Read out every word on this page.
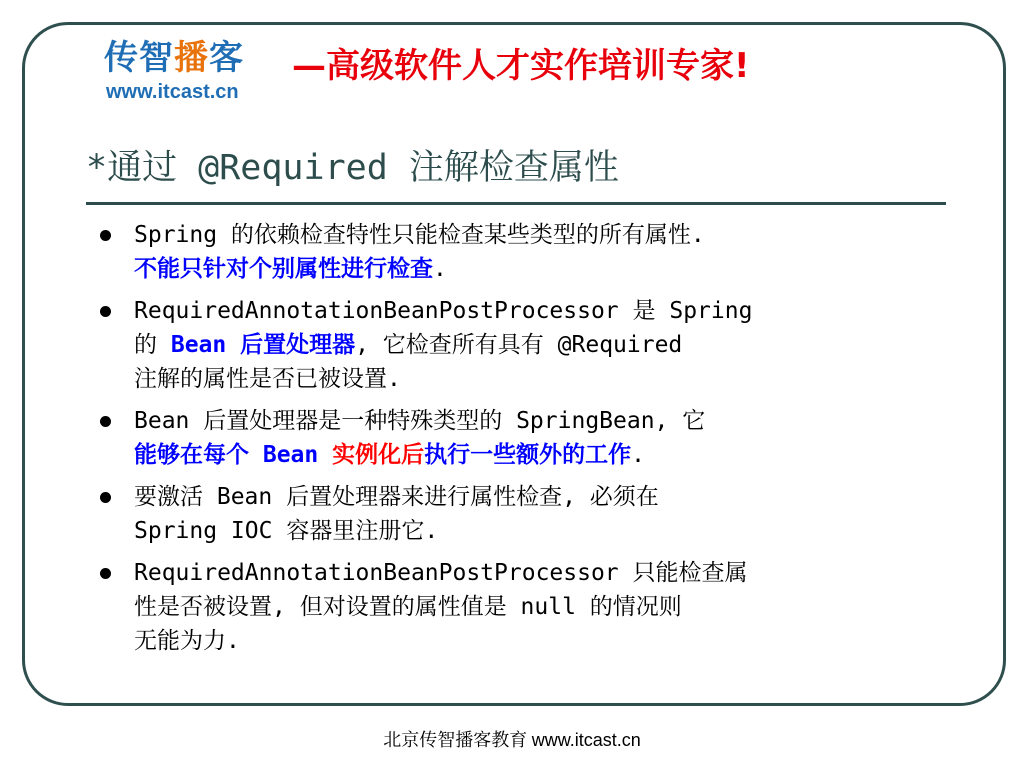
传智播客
www.itcast.cn
—高级软件人才实作培训专家!
*通过 @Required 注解检查属性
Spring 的依赖检查特性只能检查某些类型的所有属性.
不能只针对个别属性进行检查.
RequiredAnnotationBeanPostProcessor 是 Spring
的 Bean 后置处理器, 它检查所有具有 @Required
注解的属性是否已被设置.
Bean 后置处理器是一种特殊类型的 SpringBean, 它
能够在每个 Bean 实例化后执行一些额外的工作.
要激活 Bean 后置处理器来进行属性检查, 必须在
Spring IOC 容器里注册它.
RequiredAnnotationBeanPostProcessor 只能检查属
性是否被设置, 但对设置的属性值是 null 的情况则
无能为力.
北京传智播客教育 www.itcast.cn
